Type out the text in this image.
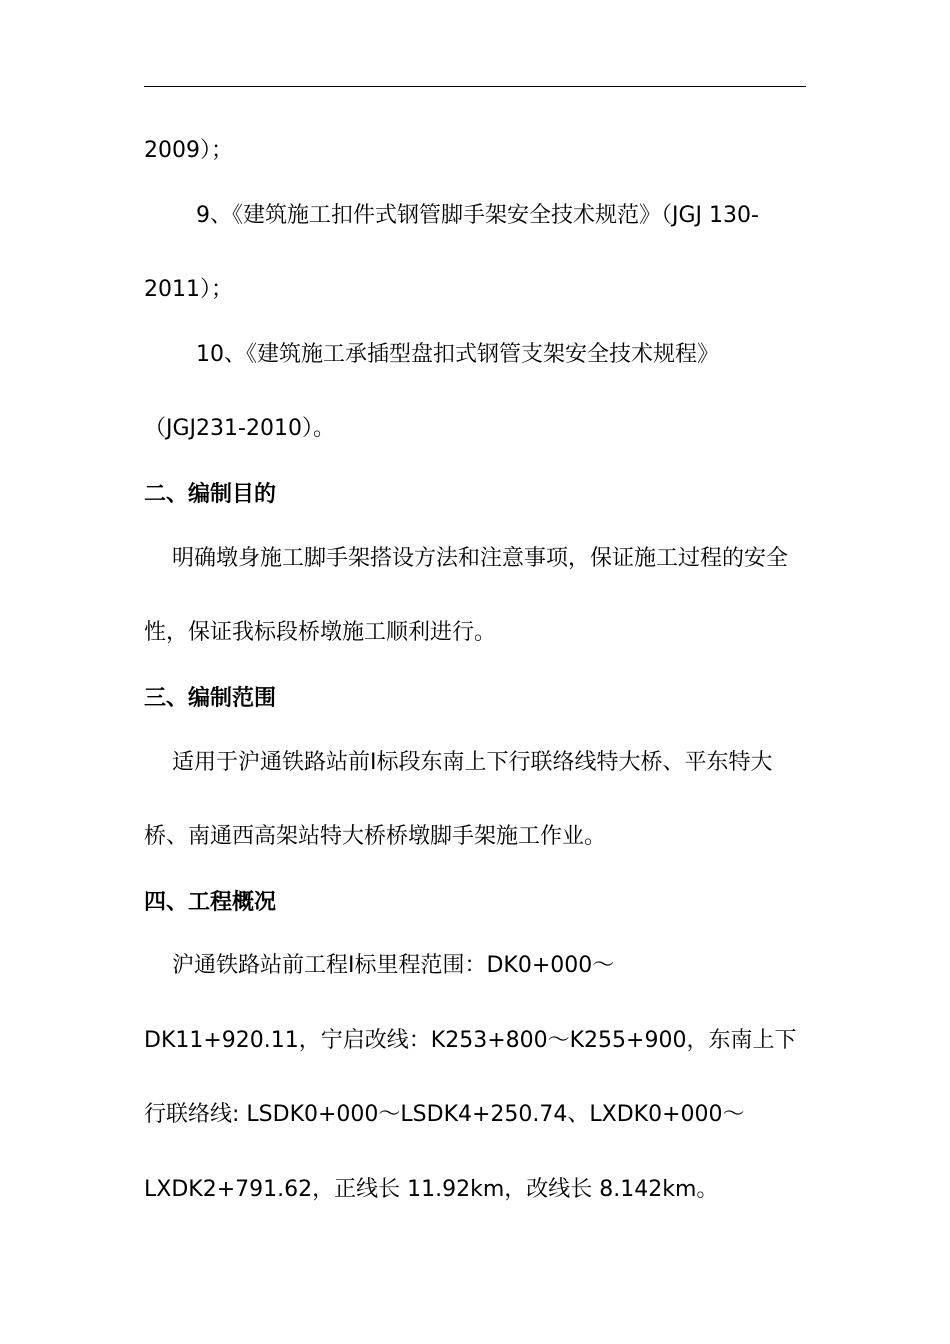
2009）；
9、《建筑施工扣件式钢管脚手架安全技术规范》（JGJ 130-
2011）；
10、《建筑施工承插型盘扣式钢管支架安全技术规程》
（JGJ231-2010）。
二、编制目的
明确墩身施工脚手架搭设方法和注意事项，保证施工过程的安全
性，保证我标段桥墩施工顺利进行。
三、编制范围
适用于沪通铁路站前Ⅰ标段东南上下行联络线特大桥、平东特大
桥、南通西高架站特大桥桥墩脚手架施工作业。
四、工程概况
沪通铁路站前工程Ⅰ标里程范围：DK0+000～
DK11+920.11，宁启改线：K253+800～K255+900，东南上下
行联络线: LSDK0+000～LSDK4+250.74、LXDK0+000～
LXDK2+791.62，正线长 11.92km，改线长 8.142km。
